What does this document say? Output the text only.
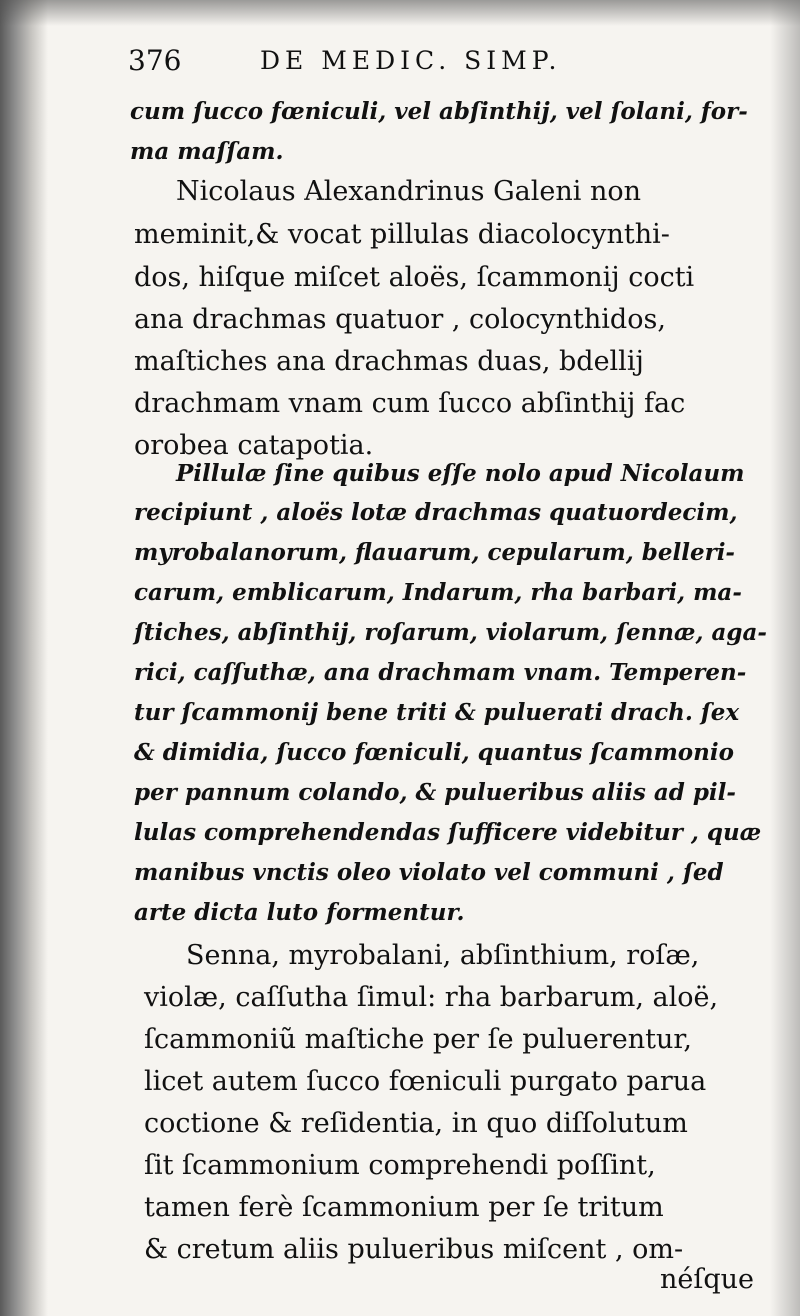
376	DE MEDIC. SIMP.
cum ſucco fœniculi, vel abſinthij, vel ſolani, for-
ma maſſam.
Nicolaus Alexandrinus Galeni non
meminit,& vocat pillulas diacolocynthi-
dos, hiſque miſcet aloës, ſcammonij cocti
ana drachmas quatuor , colocynthidos,
maſtiches ana drachmas duas, bdellij
drachmam vnam cum ſucco abſinthij fac
orobea catapotia.
Pillulæ ſine quibus eſſe nolo apud Nicolaum
recipiunt , aloës lotæ drachmas quatuordecim,
myrobalanorum, flauarum, cepularum, belleri-
carum, emblicarum, Indarum, rha barbari, ma-
ſtiches, abſinthij, roſarum, violarum, ſennæ, aga-
rici, caſſuthæ, ana drachmam vnam. Temperen-
tur ſcammonij bene triti & puluerati drach. ſex
& dimidia, ſucco fœniculi, quantus ſcammonio
per pannum colando, & pulueribus aliis ad pil-
lulas comprehendendas ſufficere videbitur , quæ
manibus vnctis oleo violato vel communi , ſed
arte dicta luto formentur.
Senna, myrobalani, abſinthium, roſæ,
violæ, caſſutha ſimul: rha barbarum, aloë,
ſcammoniũ maſtiche per ſe puluerentur,
licet autem ſucco fœniculi purgato parua
coctione & reſidentia, in quo diſſolutum
ſit ſcammonium comprehendi poſſint,
tamen ferè ſcammonium per ſe tritum
& cretum aliis pulueribus miſcent , om-
néſque
